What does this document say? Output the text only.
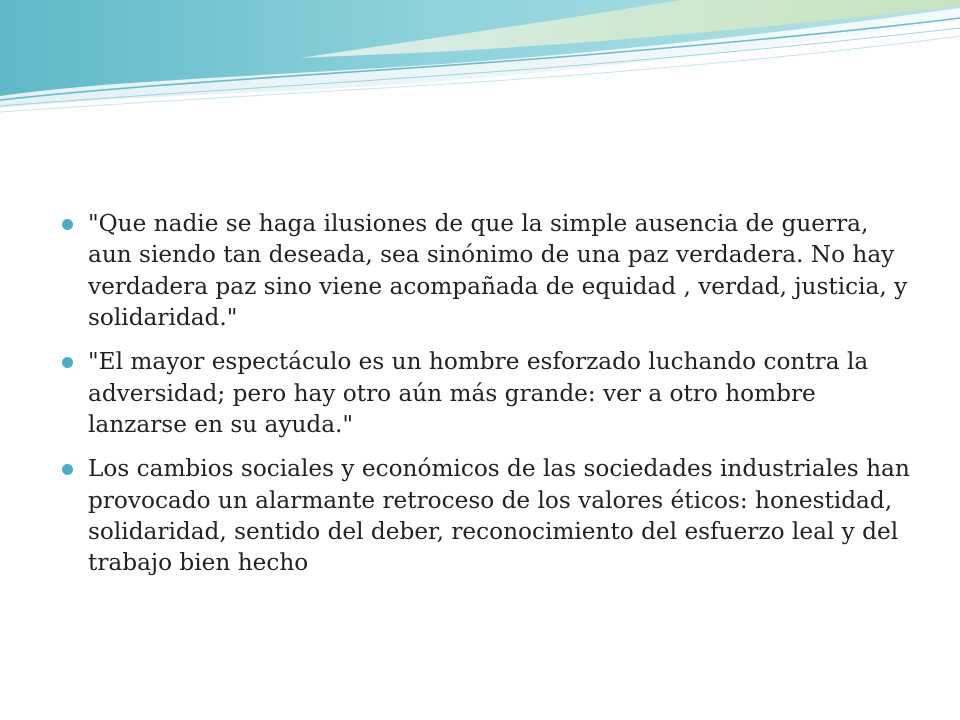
"Que nadie se haga ilusiones de que la simple ausencia de guerra, aun siendo tan deseada, sea sinónimo de una paz verdadera. No hay verdadera paz sino viene acompañada de equidad , verdad, justicia, y solidaridad."
"El mayor espectáculo es un hombre esforzado luchando contra la adversidad; pero hay otro aún más grande: ver a otro hombre lanzarse en su ayuda."
Los cambios sociales y económicos de las sociedades industriales han provocado un alarmante retroceso de los valores éticos: honestidad, solidaridad, sentido del deber, reconocimiento del esfuerzo leal y del trabajo bien hecho
